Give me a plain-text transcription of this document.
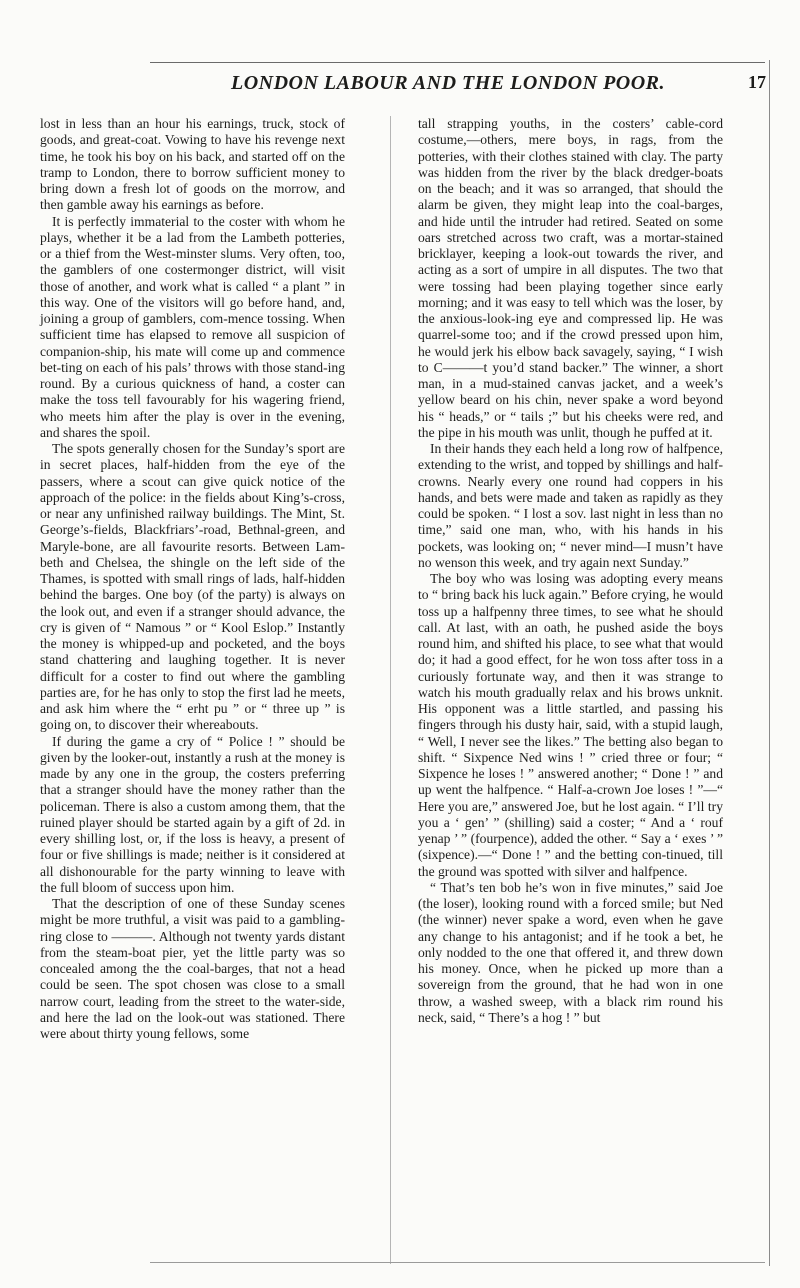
LONDON LABOUR AND THE LONDON POOR.	17

lost in less than an hour his earnings, truck, stock of goods, and great-coat. Vowing to have his revenge next time, he took his boy on his back, and started off on the tramp to London, there to borrow sufficient money to bring down a fresh lot of goods on the morrow, and then gamble away his earnings as before.

It is perfectly immaterial to the coster with whom he plays, whether it be a lad from the Lambeth potteries, or a thief from the West-minster slums. Very often, too, the gamblers of one costermonger district, will visit those of another, and work what is called “ a plant ” in this way. One of the visitors will go before hand, and, joining a group of gamblers, com-mence tossing. When sufficient time has elapsed to remove all suspicion of companion-ship, his mate will come up and commence bet-ting on each of his pals’ throws with those stand-ing round. By a curious quickness of hand, a coster can make the toss tell favourably for his wagering friend, who meets him after the play is over in the evening, and shares the spoil.

The spots generally chosen for the Sunday’s sport are in secret places, half-hidden from the eye of the passers, where a scout can give quick notice of the approach of the police: in the fields about King’s-cross, or near any unfinished railway buildings. The Mint, St. George’s-fields, Blackfriars’-road, Bethnal-green, and Maryle-bone, are all favourite resorts. Between Lam-beth and Chelsea, the shingle on the left side of the Thames, is spotted with small rings of lads, half-hidden behind the barges. One boy (of the party) is always on the look out, and even if a stranger should advance, the cry is given of “ Namous ” or “ Kool Eslop.” Instantly the money is whipped-up and pocketed, and the boys stand chattering and laughing together. It is never difficult for a coster to find out where the gambling parties are, for he has only to stop the first lad he meets, and ask him where the “ erht pu ” or “ three up ” is going on, to discover their whereabouts.

If during the game a cry of “ Police ! ” should be given by the looker-out, instantly a rush at the money is made by any one in the group, the costers preferring that a stranger should have the money rather than the policeman. There is also a custom among them, that the ruined player should be started again by a gift of 2d. in every shilling lost, or, if the loss is heavy, a present of four or five shillings is made; neither is it considered at all dishonourable for the party winning to leave with the full bloom of success upon him.

That the description of one of these Sunday scenes might be more truthful, a visit was paid to a gambling-ring close to ———. Although not twenty yards distant from the steam-boat pier, yet the little party was so concealed among the the coal-barges, that not a head could be seen. The spot chosen was close to a small narrow court, leading from the street to the water-side, and here the lad on the look-out was stationed. There were about thirty young fellows, some

tall strapping youths, in the costers’ cable-cord costume,—others, mere boys, in rags, from the potteries, with their clothes stained with clay. The party was hidden from the river by the black dredger-boats on the beach; and it was so arranged, that should the alarm be given, they might leap into the coal-barges, and hide until the intruder had retired. Seated on some oars stretched across two craft, was a mortar-stained bricklayer, keeping a look-out towards the river, and acting as a sort of umpire in all disputes. The two that were tossing had been playing together since early morning; and it was easy to tell which was the loser, by the anxious-look-ing eye and compressed lip. He was quarrel-some too; and if the crowd pressed upon him, he would jerk his elbow back savagely, saying, “ I wish to C———t you’d stand backer.” The winner, a short man, in a mud-stained canvas jacket, and a week’s yellow beard on his chin, never spake a word beyond his “ heads,” or “ tails ;” but his cheeks were red, and the pipe in his mouth was unlit, though he puffed at it.

In their hands they each held a long row of halfpence, extending to the wrist, and topped by shillings and half-crowns. Nearly every one round had coppers in his hands, and bets were made and taken as rapidly as they could be spoken. “ I lost a sov. last night in less than no time,” said one man, who, with his hands in his pockets, was looking on; “ never mind—I musn’t have no wenson this week, and try again next Sunday.”

The boy who was losing was adopting every means to “ bring back his luck again.” Before crying, he would toss up a halfpenny three times, to see what he should call. At last, with an oath, he pushed aside the boys round him, and shifted his place, to see what that would do; it had a good effect, for he won toss after toss in a curiously fortunate way, and then it was strange to watch his mouth gradually relax and his brows unknit. His opponent was a little startled, and passing his fingers through his dusty hair, said, with a stupid laugh, “ Well, I never see the likes.” The betting also began to shift. “ Sixpence Ned wins ! ” cried three or four; “ Sixpence he loses ! ” answered another; “ Done ! ” and up went the halfpence. “ Half-a-crown Joe loses ! ”—“ Here you are,” answered Joe, but he lost again. “ I’ll try you a ‘ gen’ ” (shilling) said a coster; “ And a ‘ rouf yenap ’ ” (fourpence), added the other. “ Say a ‘ exes ’ ” (sixpence).—“ Done ! ” and the betting con-tinued, till the ground was spotted with silver and halfpence.

“ That’s ten bob he’s won in five minutes,” said Joe (the loser), looking round with a forced smile; but Ned (the winner) never spake a word, even when he gave any change to his antagonist; and if he took a bet, he only nodded to the one that offered it, and threw down his money. Once, when he picked up more than a sovereign from the ground, that he had won in one throw, a washed sweep, with a black rim round his neck, said, “ There’s a hog ! ” but
